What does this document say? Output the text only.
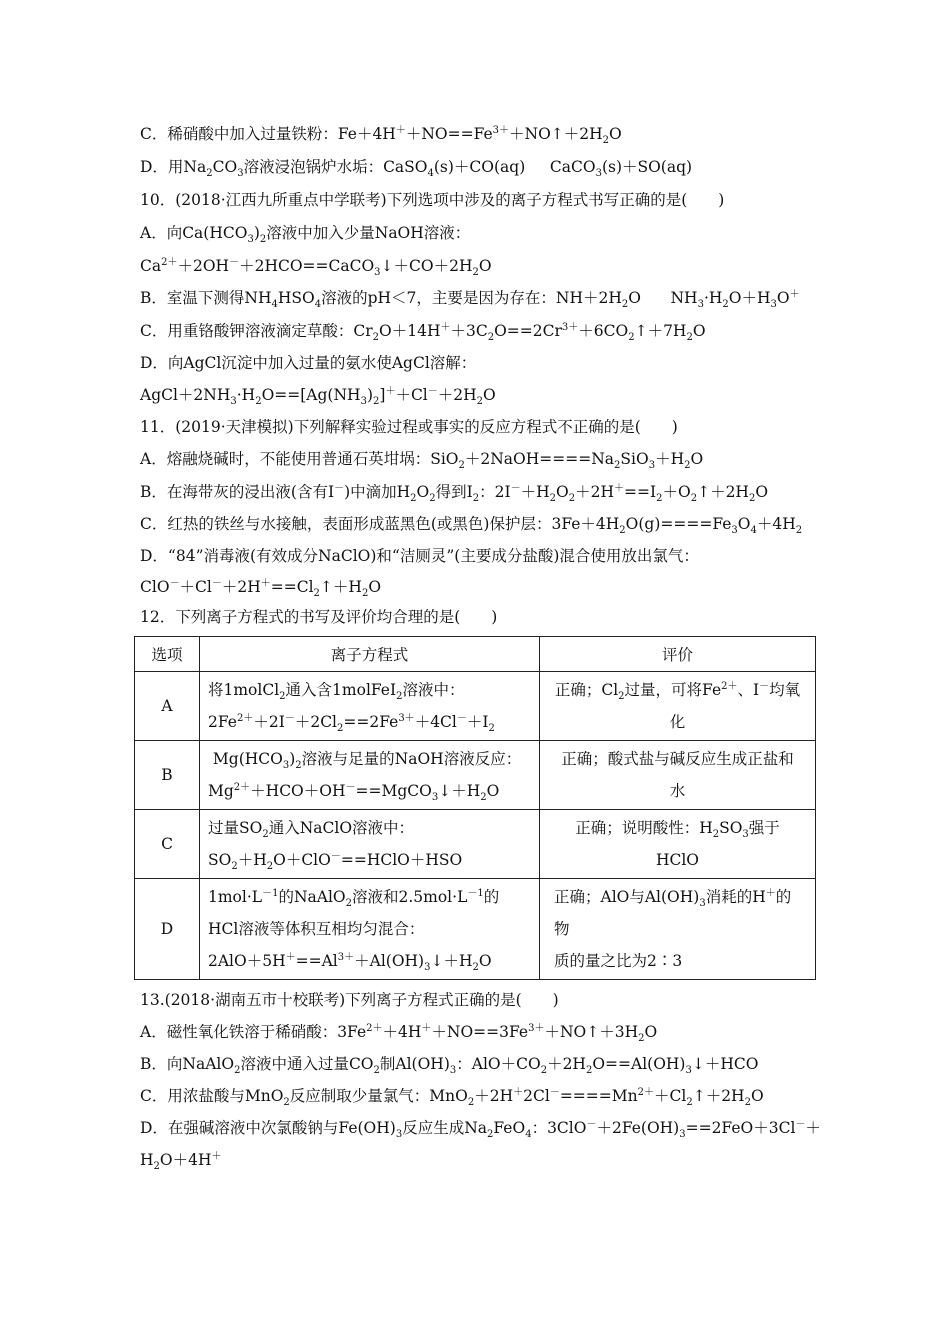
C．稀硝酸中加入过量铁粉：$Fe+4H^++NO==Fe^{3+}+NO↑+2H_2O$
D．用$Na_2CO_3$溶液浸泡锅炉水垢：CaSO$_4$(s)＋CO(aq)     CaCO$_3$(s)＋SO(aq)
10．(2018·江西九所重点中学联考)下列选项中涉及的离子方程式书写正确的是(　　)
A．向$Ca(HCO_3)_2$溶液中加入少量NaOH溶液：
$Ca^{2+}+2OH^-+2HCO==CaCO_3↓+CO+2H_2O$
B．室温下测得$NH_4HSO_4$溶液的pH＜7，主要是因为存在：$NH+2H_2O$      $NH_3\cdot H_2O+H_3O^+$
C．用重铬酸钾溶液滴定草酸：$Cr_2O+14H^++3C_2O==2Cr^{3+}+6CO_2↑+7H_2O$
D．向AgCl沉淀中加入过量的氨水使AgCl溶解：
$AgCl+2NH_3\cdot H_2O==[Ag(NH_3)_2]^++Cl^-+2H_2O$
11．(2019·天津模拟)下列解释实验过程或事实的反应方程式不正确的是(　　)
A．熔融烧碱时，不能使用普通石英坩埚：$SiO_2+2NaOH====Na_2SiO_3+H_2O$
B．在海带灰的浸出液(含有I－)中滴加$H_2O_2$得到$I_2$：$2I^-+H_2O_2+2H^+==I_2+O_2↑+2H_2O$
C．红热的铁丝与水接触，表面形成蓝黑色(或黑色)保护层：$3Fe+4H_2O(g)====Fe_3O_4+4H_2$
D．“84”消毒液(有效成分NaClO)和“洁厕灵”(主要成分盐酸)混合使用放出氯气：
$ClO^-+Cl^-+2H^+==Cl_2↑+H_2O$
12．下列离子方程式的书写及评价均合理的是(　　)
选项	离子方程式	评价
A	将1molCl$_2$通入含1molFeI$_2$溶液中：
$2Fe^{2+}+2I^-+2Cl_2==2Fe^{3+}+4Cl^-+I_2$	正确；$Cl_2$过量，可将$Fe^{2+}$、I－均氧
化
B	$Mg(HCO_3)_2$溶液与足量的NaOH溶液反应：
$Mg^{2+}+HCO+OH^-==MgCO_3↓+H_2O$	正确；酸式盐与碱反应生成正盐和水
C	过量$SO_2$通入NaClO溶液中：
$SO_2+H_2O+ClO^-==HClO+HSO$	正确；说明酸性：$H_2SO_3$强于HClO
D	$1mol\cdot L^{-1}$的NaAlO$_2$溶液和$2.5mol\cdot L^{-1}$的
HCl溶液等体积互相均匀混合：
$2AlO+5H^+==Al^{3+}+Al(OH)_3↓+H_2O$	正确；AlO与$Al(OH)_3$消耗的H＋的物
质的量之比为2∶3
13.(2018·湖南五市十校联考)下列离子方程式正确的是(　　)
A．磁性氧化铁溶于稀硝酸：$3Fe^{2+}+4H^++NO==3Fe^{3+}+NO↑+3H_2O$
B．向NaAlO$_2$溶液中通入过量$CO_2$制$Al(OH)_3$：$AlO+CO_2+2H_2O==Al(OH)_3↓+HCO$
C．用浓盐酸与MnO$_2$反应制取少量氯气：$MnO_2+2H^+2Cl^-====Mn^{2+}+Cl_2↑+2H_2O$
D．在强碱溶液中次氯酸钠与$Fe(OH)_3$反应生成$Na_2FeO_4$：$3ClO^-+2Fe(OH)_3==2FeO+3Cl^-+$
$H_2O+4H^+$
